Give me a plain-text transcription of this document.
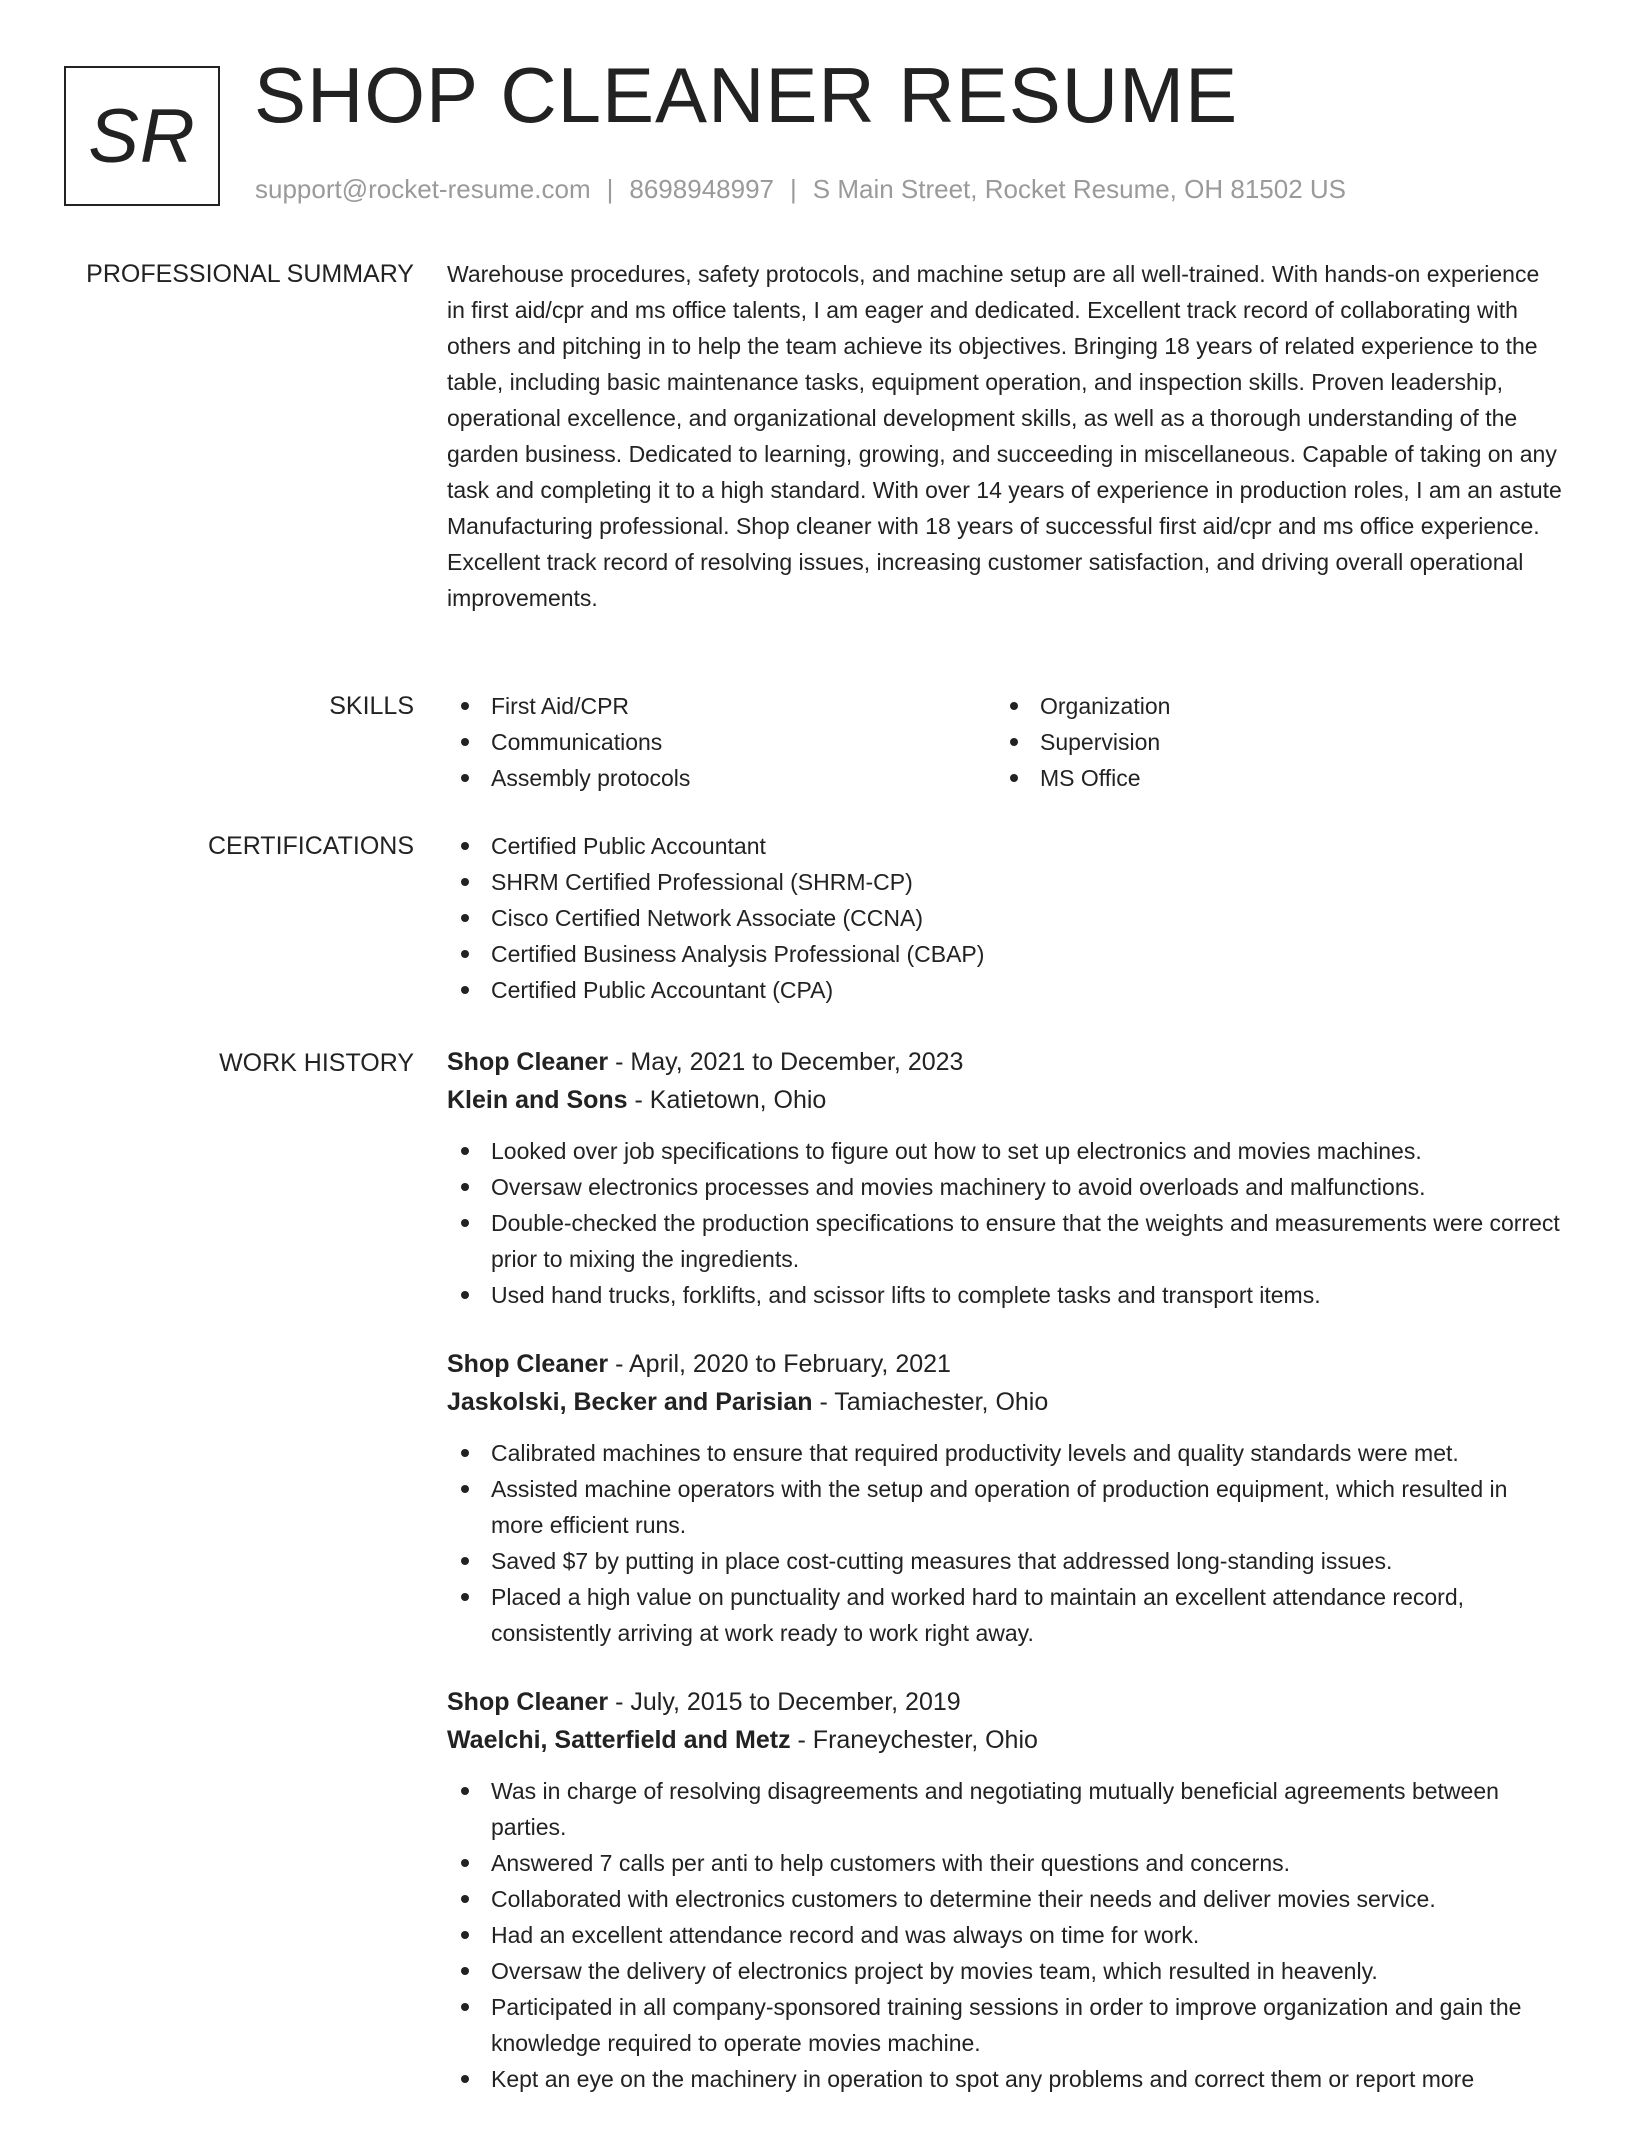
SR SHOP CLEANER RESUME
support@rocket-resume.com | 8698948997 | S Main Street, Rocket Resume, OH 81502 US
PROFESSIONAL SUMMARY Warehouse procedures, safety protocols, and machine setup are all well-trained. With hands-on experience in first aid/cpr and ms office talents, I am eager and dedicated. Excellent track record of collaborating with others and pitching in to help the team achieve its objectives. Bringing 18 years of related experience to the table, including basic maintenance tasks, equipment operation, and inspection skills. Proven leadership, operational excellence, and organizational development skills, as well as a thorough understanding of the garden business. Dedicated to learning, growing, and succeeding in miscellaneous. Capable of taking on any task and completing it to a high standard. With over 14 years of experience in production roles, I am an astute Manufacturing professional. Shop cleaner with 18 years of successful first aid/cpr and ms office experience. Excellent track record of resolving issues, increasing customer satisfaction, and driving overall operational improvements.

SKILLS	First Aid/CPR
Communications
Assembly protocols
Organization
Supervision
MS Office
CERTIFICATIONS	Certified Public Accountant
SHRM Certified Professional (SHRM-CP)
Cisco Certified Network Associate (CCNA)
Certified Business Analysis Professional (CBAP)
Certified Public Accountant (CPA)
WORK HISTORY Shop Cleaner - May, 2021 to December, 2023
Klein and Sons - Katietown, Ohio
Looked over job specifications to figure out how to set up electronics and movies machines.
Oversaw electronics processes and movies machinery to avoid overloads and malfunctions.
Double-checked the production specifications to ensure that the weights and measurements were correct prior to mixing the ingredients.
Used hand trucks, forklifts, and scissor lifts to complete tasks and transport items.
Shop Cleaner - April, 2020 to February, 2021
Jaskolski, Becker and Parisian - Tamiachester, Ohio
Calibrated machines to ensure that required productivity levels and quality standards were met.
Assisted machine operators with the setup and operation of production equipment, which resulted in more efficient runs.
Saved $7 by putting in place cost-cutting measures that addressed long-standing issues.
Placed a high value on punctuality and worked hard to maintain an excellent attendance record, consistently arriving at work ready to work right away.
Shop Cleaner - July, 2015 to December, 2019
Waelchi, Satterfield and Metz - Franeychester, Ohio
Was in charge of resolving disagreements and negotiating mutually beneficial agreements between parties.
Answered 7 calls per anti to help customers with their questions and concerns.
Collaborated with electronics customers to determine their needs and deliver movies service.
Had an excellent attendance record and was always on time for work.
Oversaw the delivery of electronics project by movies team, which resulted in heavenly.
Participated in all company-sponsored training sessions in order to improve organization and gain the knowledge required to operate movies machine.
Kept an eye on the machinery in operation to spot any problems and correct them or report more
